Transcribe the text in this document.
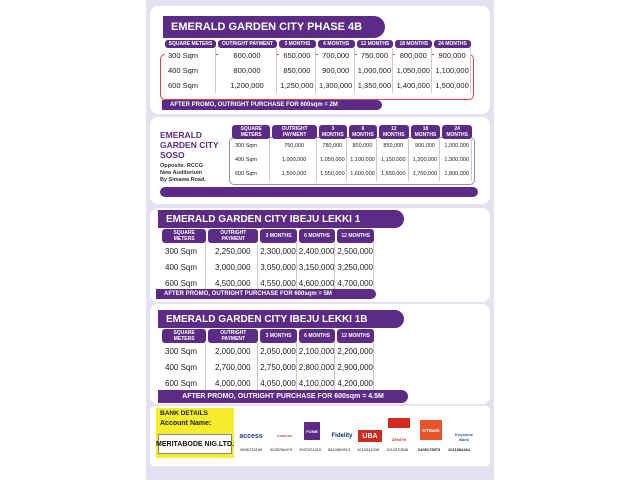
EMERALD GARDEN CITY PHASE 4B
SQUARE METERS	OUTRIGHT PAYMENT	3 MONTHS	6 MONTHS	12 MONTHS	18 MONTHS	24 MONTHS
300 Sqm	600,000	650,000	700,000	750,000	800,000	900,000
400 Sqm	800,000	850,000	900,000	1,000,000	1,050,000	1,100,000
600 Sqm	1,200,000	1,250,000	1,300,000	1,350,000	1,400,000	1,500,000
AFTER PROMO, OUTRIGHT PURCHASE FOR 600sqm = 2M
EMERALD
GARDEN CITY
SOSO
Opposite. RCCG
New Auditorium
By Simawa Road.
SQUARE METERS	OUTRIGHT PAYMENT	3 MONTHS	6 MONTHS	12 MONTHS	18 MONTHS	24 MONTHS
300 Sqm	750,000	780,000	800,000	850,000	900,000	1,000,000
400 Sqm	1,000,000	1,050,000	1,100,000	1,150,000	1,200,000	1,300,000
600 Sqm	1,500,000	1,550,000	1,600,000	1,650,000	1,700,000	1,800,000
EMERALD GARDEN CITY IBEJU LEKKI 1
SQUARE METERS	OUTRIGHT PAYMENT	3 MONTHS	6 MONTHS	12 MONTHS
300 Sqm	2,250,000	2,300,000	2,400,000	2,500,000
400 Sqm	3,000,000	3,050,000	3,150,000	3,250,000
600 Sqm	4,500,000	4,550,000	4,600,000	4,700,000
AFTER PROMO, OUTRIGHT PURCHASE FOR 600sqm = 5M
EMERALD GARDEN CITY IBEJU LEKKI 1B
SQUARE METERS	OUTRIGHT PAYMENT	3 MONTHS	6 MONTHS	12 MONTHS
300 Sqm	2,000,000	2,050,000	2,100,000	2,200,000
400 Sqm	2,700,000	2,750,000	2,800,000	2,900,000
600 Sqm	4,000,000	4,050,000	4,100,000	4,200,000
AFTER PROMO, OUTRIGHT PURCHASE FOR 600sqm = 4.5M
BANK DETAILS
Account Name:
MERITABODE NIG.LTD.
access	STERLING
FCMB
Fidelity	UBA	ZENITH
GTBank
Keystone Bank
0696733189 0028786479 2997021010 5610859913 1019341036 1013370546 0405178579 1011984464
